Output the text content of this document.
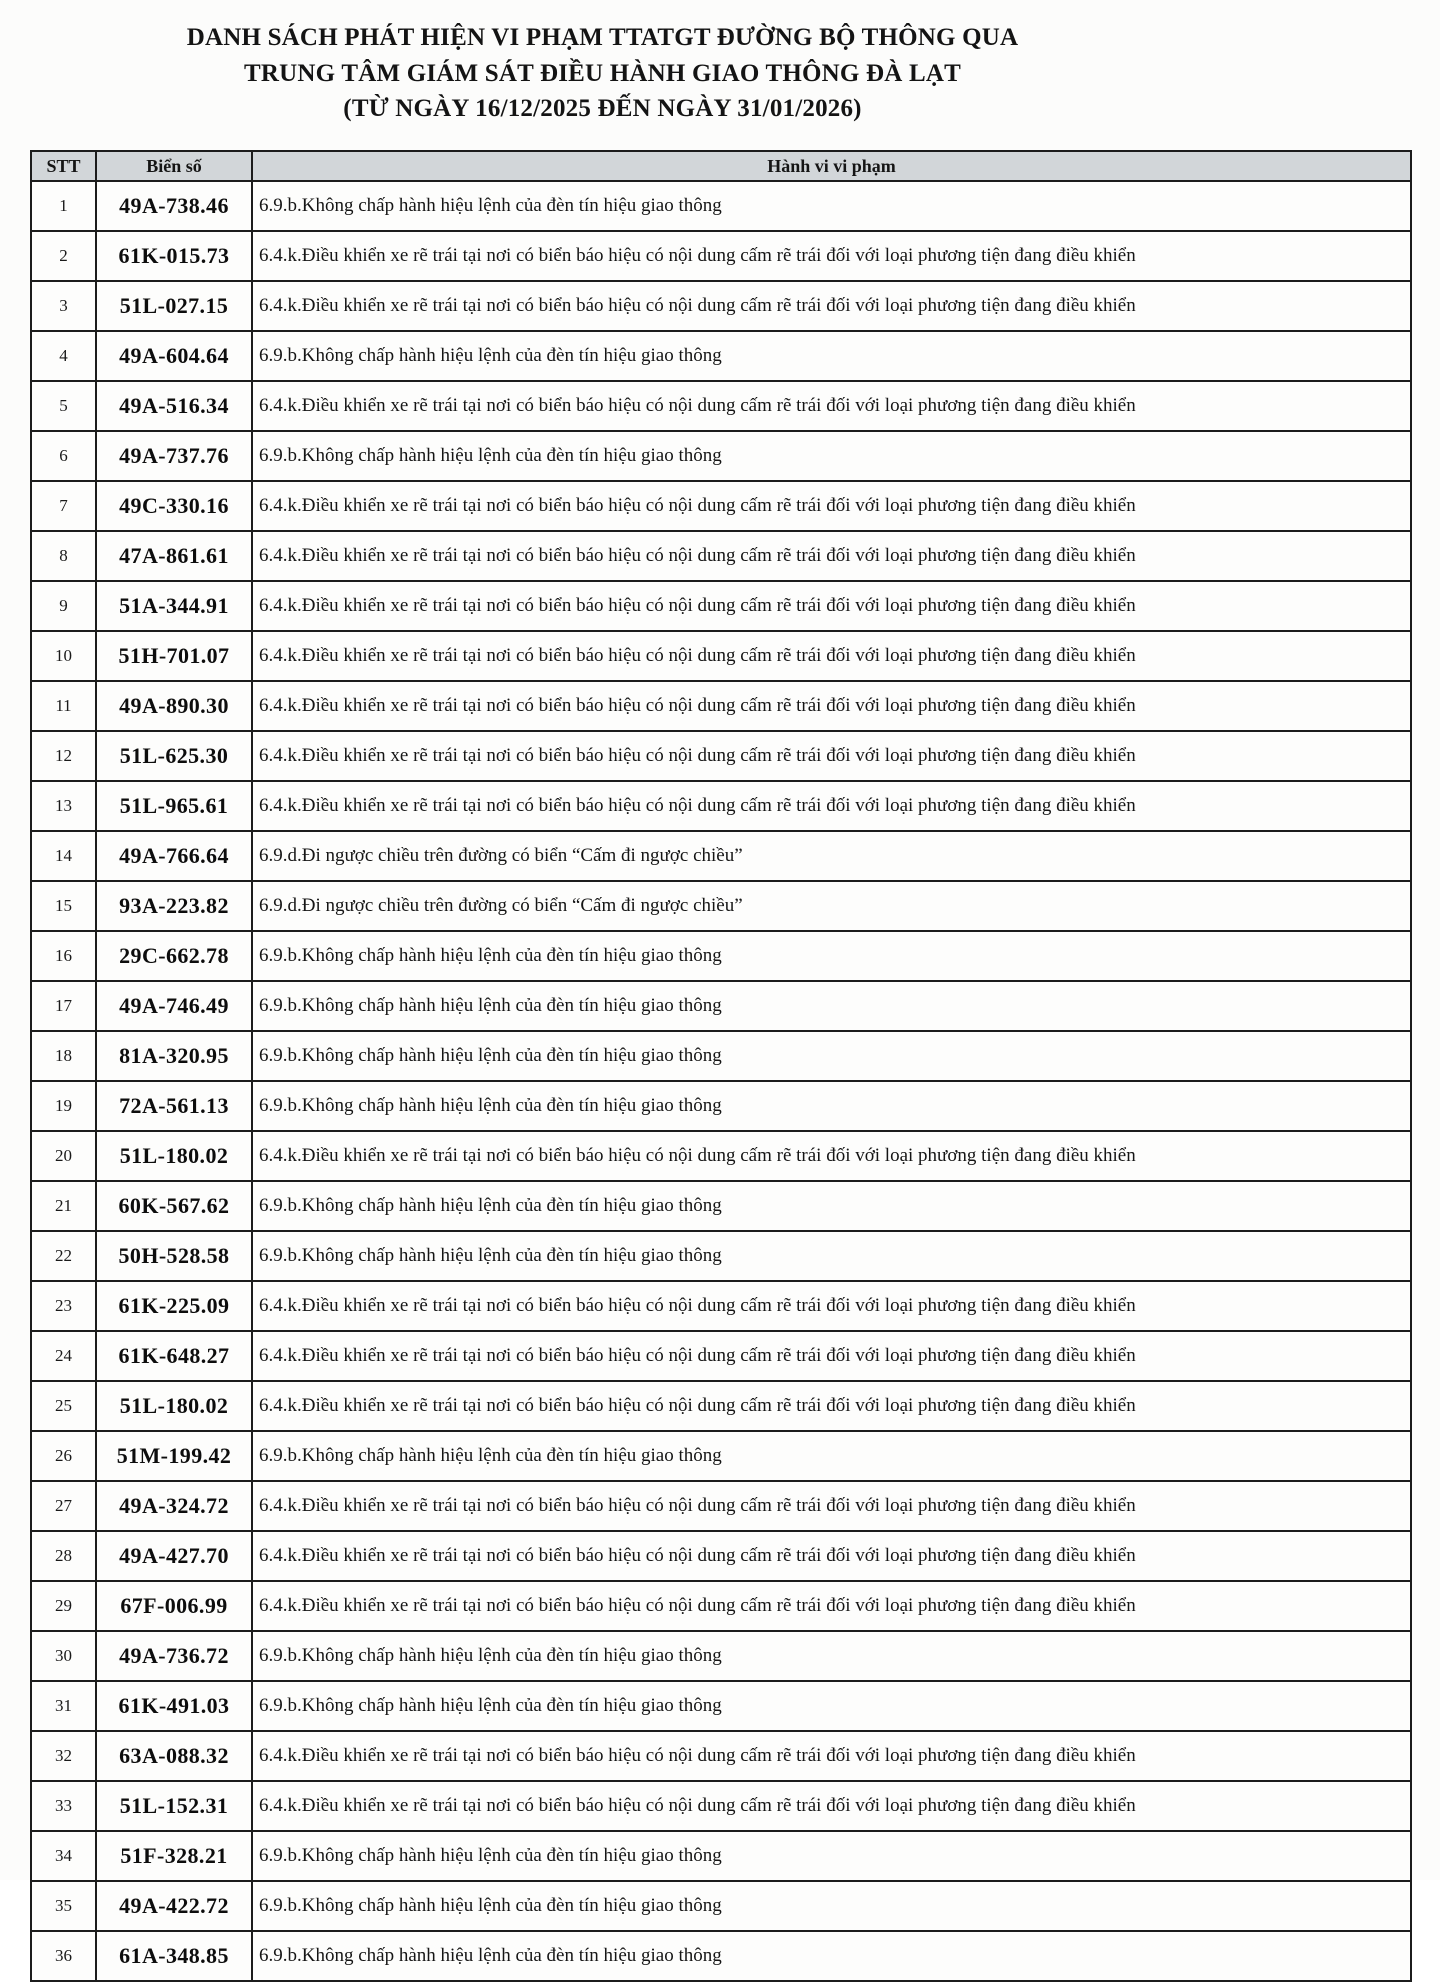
DANH SÁCH PHÁT HIỆN VI PHẠM TTATGT ĐƯỜNG BỘ THÔNG QUA
TRUNG TÂM GIÁM SÁT ĐIỀU HÀNH GIAO THÔNG ĐÀ LẠT
(TỪ NGÀY 16/12/2025 ĐẾN NGÀY 31/01/2026)
STT	Biển số	Hành vi vi phạm
1	49A-738.46	6.9.b.Không chấp hành hiệu lệnh của đèn tín hiệu giao thông
2	61K-015.73	6.4.k.Điều khiển xe rẽ trái tại nơi có biển báo hiệu có nội dung cấm rẽ trái đối với loại phương tiện đang điều khiển
3	51L-027.15	6.4.k.Điều khiển xe rẽ trái tại nơi có biển báo hiệu có nội dung cấm rẽ trái đối với loại phương tiện đang điều khiển
4	49A-604.64	6.9.b.Không chấp hành hiệu lệnh của đèn tín hiệu giao thông
5	49A-516.34	6.4.k.Điều khiển xe rẽ trái tại nơi có biển báo hiệu có nội dung cấm rẽ trái đối với loại phương tiện đang điều khiển
6	49A-737.76	6.9.b.Không chấp hành hiệu lệnh của đèn tín hiệu giao thông
7	49C-330.16	6.4.k.Điều khiển xe rẽ trái tại nơi có biển báo hiệu có nội dung cấm rẽ trái đối với loại phương tiện đang điều khiển
8	47A-861.61	6.4.k.Điều khiển xe rẽ trái tại nơi có biển báo hiệu có nội dung cấm rẽ trái đối với loại phương tiện đang điều khiển
9	51A-344.91	6.4.k.Điều khiển xe rẽ trái tại nơi có biển báo hiệu có nội dung cấm rẽ trái đối với loại phương tiện đang điều khiển
10	51H-701.07	6.4.k.Điều khiển xe rẽ trái tại nơi có biển báo hiệu có nội dung cấm rẽ trái đối với loại phương tiện đang điều khiển
11	49A-890.30	6.4.k.Điều khiển xe rẽ trái tại nơi có biển báo hiệu có nội dung cấm rẽ trái đối với loại phương tiện đang điều khiển
12	51L-625.30	6.4.k.Điều khiển xe rẽ trái tại nơi có biển báo hiệu có nội dung cấm rẽ trái đối với loại phương tiện đang điều khiển
13	51L-965.61	6.4.k.Điều khiển xe rẽ trái tại nơi có biển báo hiệu có nội dung cấm rẽ trái đối với loại phương tiện đang điều khiển
14	49A-766.64	6.9.d.Đi ngược chiều trên đường có biển “Cấm đi ngược chiều”
15	93A-223.82	6.9.d.Đi ngược chiều trên đường có biển “Cấm đi ngược chiều”
16	29C-662.78	6.9.b.Không chấp hành hiệu lệnh của đèn tín hiệu giao thông
17	49A-746.49	6.9.b.Không chấp hành hiệu lệnh của đèn tín hiệu giao thông
18	81A-320.95	6.9.b.Không chấp hành hiệu lệnh của đèn tín hiệu giao thông
19	72A-561.13	6.9.b.Không chấp hành hiệu lệnh của đèn tín hiệu giao thông
20	51L-180.02	6.4.k.Điều khiển xe rẽ trái tại nơi có biển báo hiệu có nội dung cấm rẽ trái đối với loại phương tiện đang điều khiển
21	60K-567.62	6.9.b.Không chấp hành hiệu lệnh của đèn tín hiệu giao thông
22	50H-528.58	6.9.b.Không chấp hành hiệu lệnh của đèn tín hiệu giao thông
23	61K-225.09	6.4.k.Điều khiển xe rẽ trái tại nơi có biển báo hiệu có nội dung cấm rẽ trái đối với loại phương tiện đang điều khiển
24	61K-648.27	6.4.k.Điều khiển xe rẽ trái tại nơi có biển báo hiệu có nội dung cấm rẽ trái đối với loại phương tiện đang điều khiển
25	51L-180.02	6.4.k.Điều khiển xe rẽ trái tại nơi có biển báo hiệu có nội dung cấm rẽ trái đối với loại phương tiện đang điều khiển
26	51M-199.42	6.9.b.Không chấp hành hiệu lệnh của đèn tín hiệu giao thông
27	49A-324.72	6.4.k.Điều khiển xe rẽ trái tại nơi có biển báo hiệu có nội dung cấm rẽ trái đối với loại phương tiện đang điều khiển
28	49A-427.70	6.4.k.Điều khiển xe rẽ trái tại nơi có biển báo hiệu có nội dung cấm rẽ trái đối với loại phương tiện đang điều khiển
29	67F-006.99	6.4.k.Điều khiển xe rẽ trái tại nơi có biển báo hiệu có nội dung cấm rẽ trái đối với loại phương tiện đang điều khiển
30	49A-736.72	6.9.b.Không chấp hành hiệu lệnh của đèn tín hiệu giao thông
31	61K-491.03	6.9.b.Không chấp hành hiệu lệnh của đèn tín hiệu giao thông
32	63A-088.32	6.4.k.Điều khiển xe rẽ trái tại nơi có biển báo hiệu có nội dung cấm rẽ trái đối với loại phương tiện đang điều khiển
33	51L-152.31	6.4.k.Điều khiển xe rẽ trái tại nơi có biển báo hiệu có nội dung cấm rẽ trái đối với loại phương tiện đang điều khiển
34	51F-328.21	6.9.b.Không chấp hành hiệu lệnh của đèn tín hiệu giao thông
35	49A-422.72	6.9.b.Không chấp hành hiệu lệnh của đèn tín hiệu giao thông
36	61A-348.85	6.9.b.Không chấp hành hiệu lệnh của đèn tín hiệu giao thông
